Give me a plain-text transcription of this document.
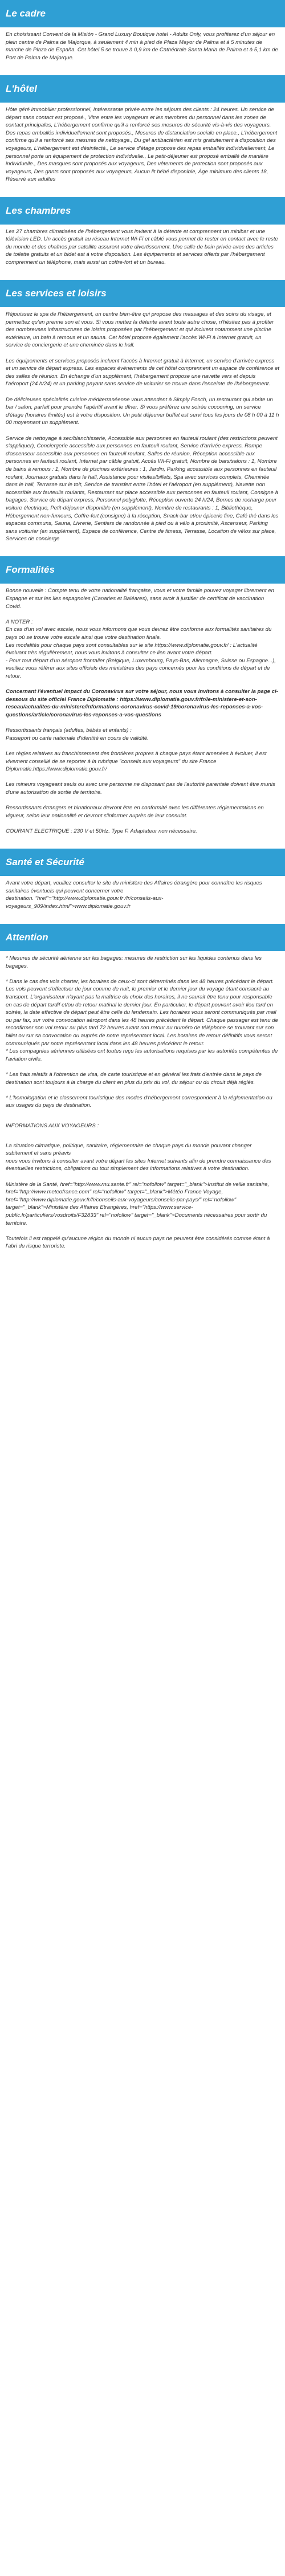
Le cadre

En choisissant Convent de la Misión - Grand Luxury Boutique hotel - Adults Only, vous profiterez d'un séjour en plein centre de Palma de Majorque, à seulement 4 min à pied de Plaza Mayor de Palma et à 5 minutes de marche de Plaza de España. Cet hôtel 5 se trouve à 0,9 km de Cathédrale Santa Maria de Palma et à 5,1 km de Port de Palma de Majorque.

L'hôtel

Hôte géré immobilier professionnel, Intéressante privée entre les séjours des clients : 24 heures. Un service de départ sans contact est proposé., Vitre entre les voyageurs et les membres du personnel dans les zones de contact principales, L'hébergement confirme qu'il a renforcé ses mesures de sécurité vis-à-vis des voyageurs. Des repas emballés individuellement sont proposés., Mesures de distanciation sociale en place., L'hébergement confirme qu'il a renforcé ses mesures de nettoyage., Du gel antibactérien est mis gratuitement à disposition des voyageurs, L'hébergement est désinfecté., Le service d'étage propose des repas emballés individuellement, Le personnel porte un équipement de protection individuelle., Le petit-déjeuner est proposé emballé de manière individuelle., Des masques sont proposés aux voyageurs, Des vêtements de protection sont proposés aux voyageurs, Des gants sont proposés aux voyageurs, Aucun lit bébé disponible, Âge minimum des clients 18, Réservé aux adultes

Les chambres

Les 27 chambres climatisées de l'hébergement vous invitent à la détente et comprennent un minibar et une télévision LED. Un accès gratuit au réseau Internet Wi-Fi et câblé vous permet de rester en contact avec le reste du monde et des chaînes par satellite assurent votre divertissement. Une salle de bain privée avec des articles de toilette gratuits et un bidet est à votre disposition. Les équipements et services offerts par l'hébergement comprennent un téléphone, mais aussi un coffre-fort et un bureau.

Les services et loisirs

Réjouissez le spa de l'hébergement, un centre bien-être qui propose des massages et des soins du visage, et permettez qu'en prenne son et vous. Si vous mettez la détente avant toute autre chose, n'hésitez pas à profiter des nombreuses infrastructures de loisirs proposées par l'hébergement et qui incluent notamment une piscine extérieure, un bain à remous et un sauna. Cet hôtel propose également l'accès Wi-Fi à Internet gratuit, un service de conciergerie et une cheminée dans le hall.

Les équipements et services proposés incluent l'accès à Internet gratuit à Internet, un service d'arrivée express et un service de départ express. Les espaces événements de cet hôtel comprennent un espace de conférence et des salles de réunion. En échange d'un supplément, l'hébergement propose une navette vers et depuis l'aéroport (24 h/24) et un parking payant sans service de voiturier se trouve dans l'enceinte de l'hébergement.

De délicieuses spécialités cuisine méditerranéenne vous attendent à Simply Fosch, un restaurant qui abrite un bar / salon, parfait pour prendre l'apéritif avant le dîner. Si vous préférez une soirée cocooning, un service d'étage (horaires limités) est à votre disposition. Un petit déjeuner buffet est servi tous les jours de 08 h 00 à 11 h 00 moyennant un supplément.

Service de nettoyage à sec/blanchisserie, Accessible aux personnes en fauteuil roulant (des restrictions peuvent s'appliquer), Conciergerie accessible aux personnes en fauteuil roulant, Service d'arrivée express, Rampe d'ascenseur accessible aux personnes en fauteuil roulant, Salles de réunion, Réception accessible aux personnes en fauteuil roulant, Internet par câble gratuit, Accès Wi-Fi gratuit, Nombre de bars/salons : 1, Nombre de bains à remous : 1, Nombre de piscines extérieures : 1, Jardin, Parking accessible aux personnes en fauteuil roulant, Journaux gratuits dans le hall, Assistance pour visites/billets, Spa avec services complets, Cheminée dans le hall, Terrasse sur le toit, Service de transfert entre l'hôtel et l'aéroport (en supplément), Navette non accessible aux fauteuils roulants, Restaurant sur place accessible aux personnes en fauteuil roulant, Consigne à bagages, Service de départ express, Personnel polyglotte, Réception ouverte 24 h/24, Bornes de recharge pour voiture électrique, Petit-déjeuner disponible (en supplément), Nombre de restaurants : 1, Bibliothèque, Hébergement non-fumeurs, Coffre-fort (consigne) à la réception, Snack-bar et/ou épicerie fine, Café thé dans les espaces communs, Sauna, Livrerie, Sentiers de randonnée à pied ou à vélo à proximité, Ascenseur, Parking sans voiturier (en supplément), Espace de conférence, Centre de fitness, Terrasse, Location de vélos sur place, Services de concierge

Formalités

Bonne nouvelle : Compte tenu de votre nationalité française, vous et votre famille pouvez voyager librement en Espagne et sur les îles espagnoles (Canaries et Baléares), sans avoir à justifier de certificat de vaccination Covid.

A NOTER :
En cas d'un vol avec escale, nous vous informons que vous devrez être conforme aux formalités sanitaires du pays où se trouve votre escale ainsi que votre destination finale.
Les modalités pour chaque pays sont consultables sur le site https://www.diplomatie.gouv.fr/ : L'actualité évoluant très régulièrement, nous vous invitons à consulter ce lien avant votre départ.
- Pour tout départ d'un aéroport frontalier (Belgique, Luxembourg, Pays-Bas, Allemagne, Suisse ou Espagne...), veuillez vous référer aux sites officiels des ministères des pays concernés pour les conditions de départ et de retour.

Concernant l'éventuel impact du Coronavirus sur votre séjour, nous vous invitons à consulter la page ci-dessous du site officiel France Diplomatie : https://www.diplomatie.gouv.fr/fr/le-ministere-et-son-reseau/actualites-du-ministere/informations-coronavirus-covid-19/coronavirus-les-reponses-a-vos-questions/article/coronavirus-les-reponses-a-vos-questions

Ressortissants français (adultes, bébés et enfants) :
Passeport ou carte nationale d'identité en cours de validité.

Les règles relatives au franchissement des frontières propres à chaque pays étant amenées à évoluer, il est vivement conseillé de se reporter à la rubrique "conseils aux voyageurs" du site France Diplomatie.https://www.diplomatie.gouv.fr/

Les mineurs voyageant seuls ou avec une personne ne disposant pas de l'autorité parentale doivent être munis d'une autorisation de sortie de territoire.

Ressortissants étrangers et binationaux devront être en conformité avec les différentes réglementations en vigueur, selon leur nationalité et devront s'informer auprès de leur consulat.

COURANT ELECTRIQUE : 230 V et 50Hz. Type F. Adaptateur non nécessaire.

Santé et Sécurité

Avant votre départ, veuillez consulter le site du ministère des Affaires étrangère pour connaître les risques sanitaires éventuels qui peuvent concerner votre
destination. "href"="http://www.diplomatie.gouv.fr /fr/conseils-aux-voyageurs_909/index.html">www.diplomatie.gouv.fr

Attention

* Mesures de sécurité aérienne sur les bagages: mesures de restriction sur les liquides contenus dans les bagages.

* Dans le cas des vols charter, les horaires de ceux-ci sont déterminés dans les 48 heures précédant le départ. Les vols peuvent s'effectuer de jour comme de nuit, le premier et le dernier jour du voyage étant consacré au transport. L'organisateur n'ayant pas la maîtrise du choix des horaires, il ne saurait être tenu pour responsable en cas de départ tardif et/ou de retour matinal le dernier jour. En particulier, le départ pouvant avoir lieu tard en soirée, la date effective de départ peut être celle du lendemain. Les horaires vous seront communiqués par mail ou par fax, sur votre convocation aéroport dans les 48 heures précédent le départ. Chaque passager est tenu de reconfirmer son vol retour au plus tard 72 heures avant son retour au numéro de téléphone se trouvant sur son billet ou sur sa convocation ou auprès de notre représentant local. Les horaires de retour définitifs vous seront communiqués par notre représentant local dans les 48 heures précédent le retour.
* Les compagnies aériennes utilisées ont toutes reçu les autorisations requises par les autorités compétentes de l'aviation civile.

* Les frais relatifs à l'obtention de visa, de carte touristique et en général les frais d'entrée dans le pays de destination sont toujours à la charge du client en plus du prix du vol, du séjour ou du circuit déjà réglés.

* L'homologation et le classement touristique des modes d'hébergement correspondent à la réglementation ou aux usages du pays de destination.

INFORMATIONS AUX VOYAGEURS :

La situation climatique, politique, sanitaire, réglementaire de chaque pays du monde pouvant changer subitement et sans préavis
nous vous invitons à consulter avant votre départ les sites Internet suivants afin de prendre connaissance des éventuelles restrictions, obligations ou tout simplement des informations relatives à votre destination.

Ministère de la Santé, href="http://www.rnu.sante.fr" rel="nofollow" target="_blank">Institut de veille sanitaire,
href="http://www.meteofrance.com" rel="nofollow" target="_blank">Météo France Voyage, href="http://www.diplomatie.gouv.fr/fr/conseils-aux-voyageurs/conseils-par-pays/" rel="nofollow" target="_blank">Ministère des Affaires Etrangères, href="https://www.service-public.fr/particuliers/vosdroits/F32833" rel="nofollow" target="_blank">Documents nécessaires pour sortir du territoire.

Toutefois il est rappelé qu'aucune région du monde ni aucun pays ne peuvent être considérés comme étant à l'abri du risque terroriste.
